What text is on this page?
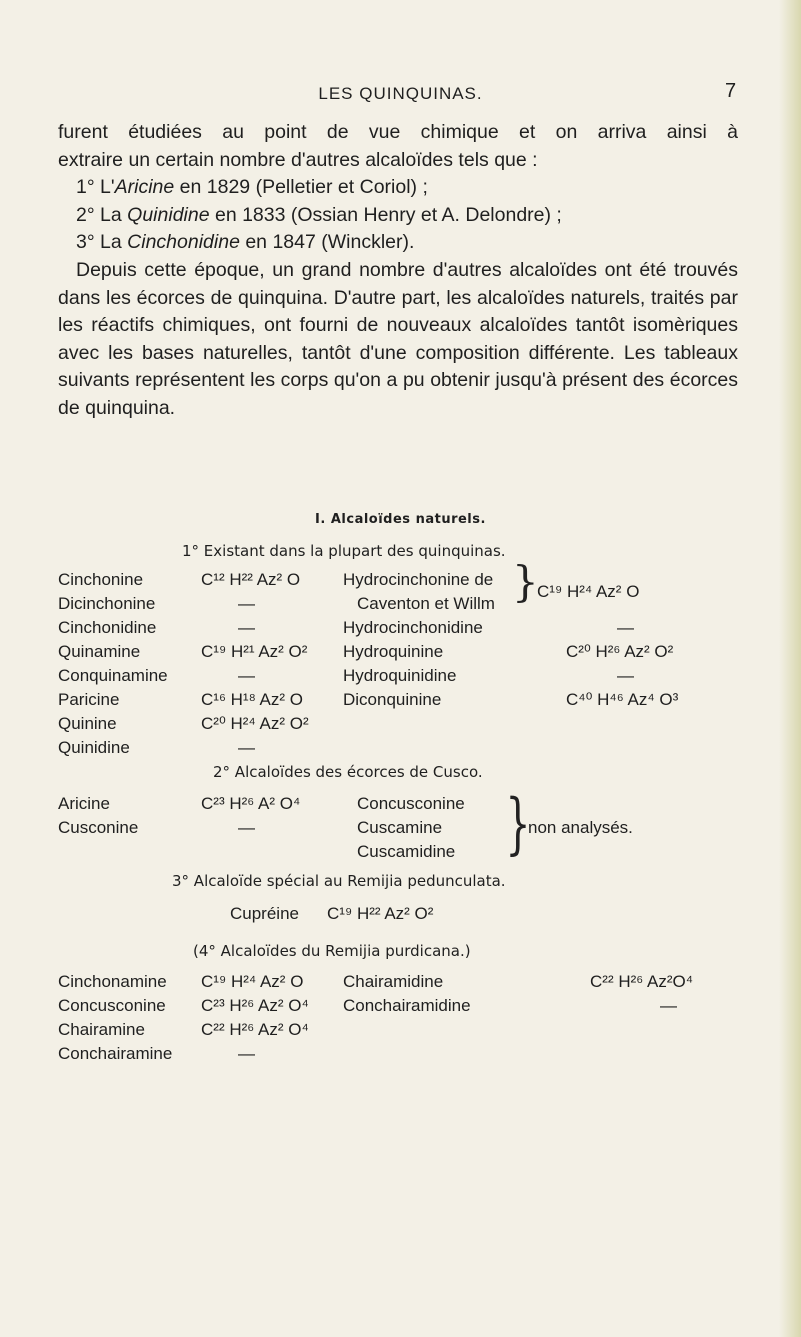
LES QUINQUINAS.	7

furent étudiées au point de vue chimique et on arriva ainsi à

extraire un certain nombre d'autres alcaloïdes tels que :

1° L'Aricine en 1829 (Pelletier et Coriol) ;

2° La Quinidine en 1833 (Ossian Henry et A. Delondre) ;

3° La Cinchonidine en 1847 (Winckler).

Depuis cette époque, un grand nombre d'autres alcaloïdes ont été trouvés dans les écorces de quinquina. D'autre part, les alcaloïdes naturels, traités par les réactifs chimiques, ont fourni de nouveaux alcaloïdes tantôt isomèriques avec les bases naturelles, tantôt d'une composition différente. Les tableaux suivants représentent les corps qu'on a pu obtenir jusqu'à présent des écorces de quinquina.

I. Alcaloïdes naturels.
1° Existant dans la plupart des quinquinas.
Cinchonine
Dicinchonine
Cinchonidine
Quinamine
Conquinamine
Paricine
Quinine
Quinidine
C¹² H²² Az² O
—
—
C¹⁹ H²¹ Az² O²
—
C¹⁶ H¹⁸ Az² O
C²⁰ H²⁴ Az² O²
—
Hydrocinchonine de
Caventon et Willm }
Hydrocinchonidine
Hydroquinine
Hydroquinidine
Diconquinine
C¹⁹ H²⁴ Az² O
—
C²⁰ H²⁶ Az² O²
—
C⁴⁰ H⁴⁶ Az⁴ O³
2° Alcaloïdes des écorces de Cusco.
Aricine
Cusconine
C²³ H²⁶ A² O⁴
—
Concusconine
Cuscamine
Cuscamidine }
non analysés.
3° Alcaloïde spécial au Remijia pedunculata.
Cupréine C¹⁹ H²² Az² O²
(4° Alcaloïdes du Remijia purdicana.)
Cinchonamine
Concusconine
Chairamine
Conchairamine
C¹⁹ H²⁴ Az² O
C²³ H²⁶ Az² O⁴
C²² H²⁶ Az² O⁴
—
Chairamidine
Conchairamidine
C²² H²⁶ Az²O⁴
—
